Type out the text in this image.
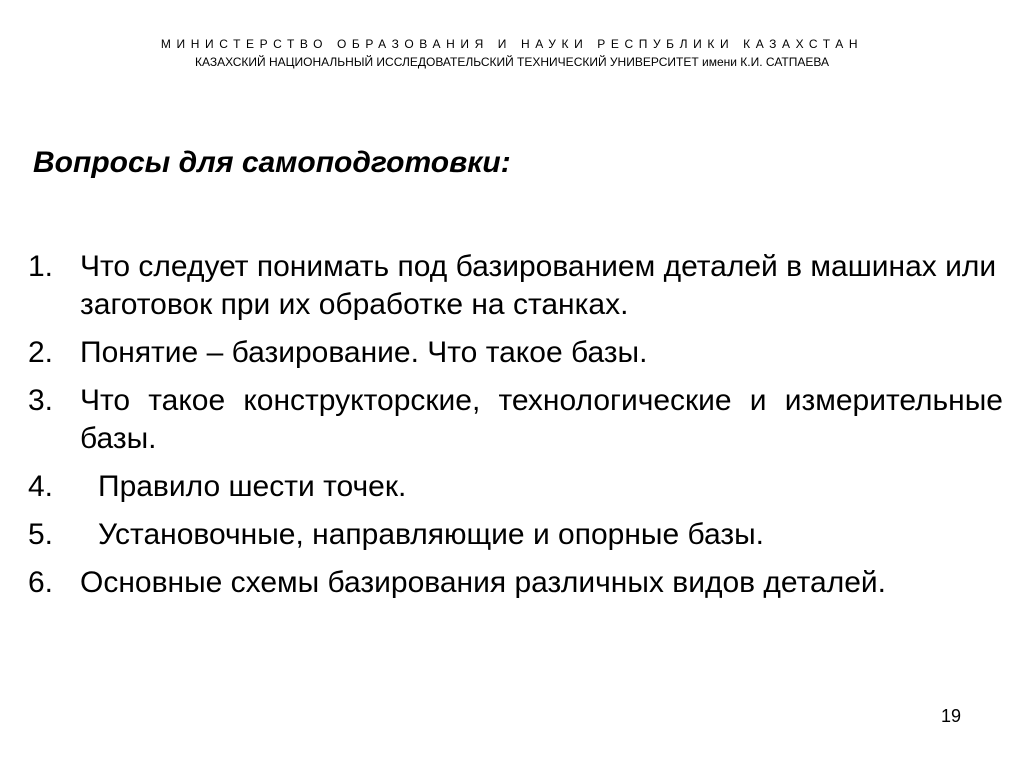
МИНИСТЕРСТВО ОБРАЗОВАНИЯ И НАУКИ РЕСПУБЛИКИ КАЗАХСТАН

КАЗАХСКИЙ НАЦИОНАЛЬНЫЙ ИССЛЕДОВАТЕЛЬСКИЙ ТЕХНИЧЕСКИЙ УНИВЕРСИТЕТ имени К.И. САТПАЕВА

Вопросы для самоподготовки:
1. Что следует понимать под базированием деталей в машинах или заготовок при их обработке на станках.
2. Понятие – базирование. Что такое базы.
3. Что такое конструкторские, технологические и измерительные базы.
4.	Правило шести точек.
5.	Установочные, направляющие и опорные базы.
6. Основные схемы базирования различных видов деталей.
19
